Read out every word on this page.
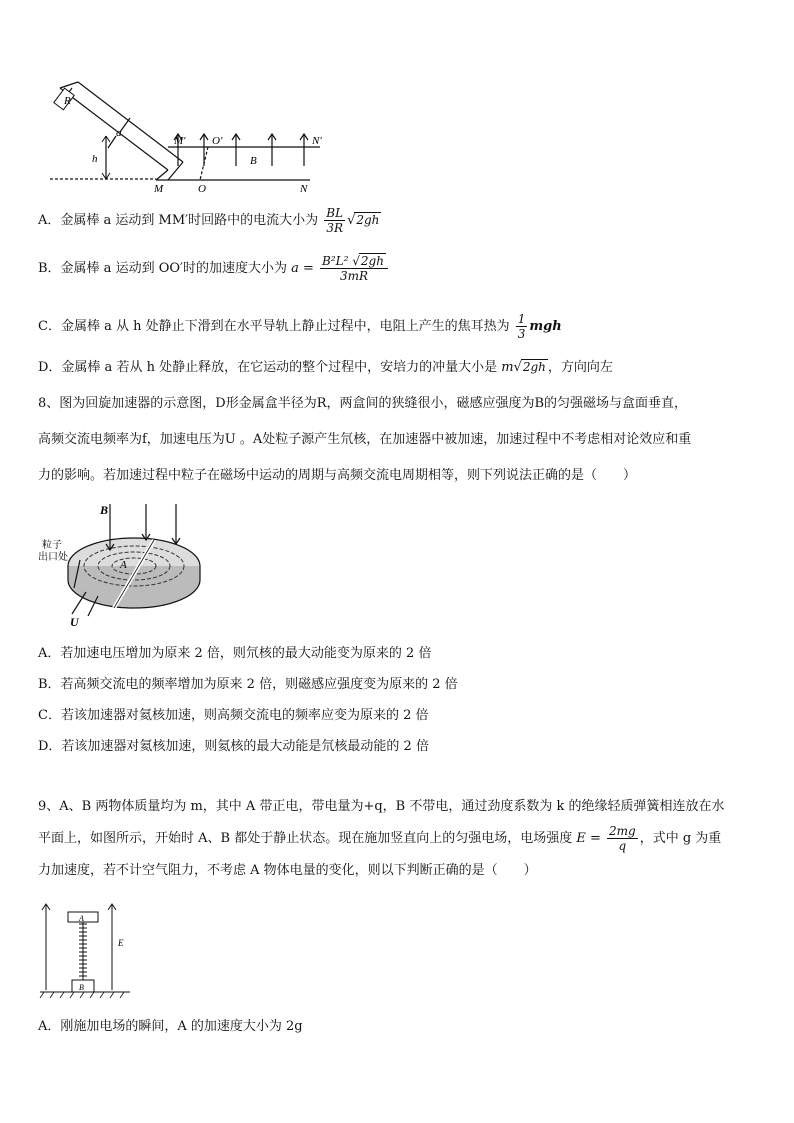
R
a
h
M' O'
B
N'
M	O	N
A．金属棒 a 运动到 MM′时回路中的电流大小为 $\frac{BL}{3R} √2gh$
B．金属棒 a 运动到 OO′时的加速度大小为 $a = \frac{\text{B²L² √2gh}}{3mR}$
C．金属棒 a 从 h 处静止下滑到在水平导轨上静止过程中，电阻上产生的焦耳热为 $\frac{1}{3}$ mgh
D．金属棒 a 若从 h 处静止释放，在它运动的整个过程中，安培力的冲量大小是 m√2gh ，方向向左
8、图为回旋加速器的示意图，D形金属盒半径为R，两盒间的狭缝很小，磁感应强度为B的匀强磁场与盒面垂直，
高频交流电频率为f，加速电压为U 。A处粒子源产生氘核，在加速器中被加速，加速过程中不考虑相对论效应和重
力的影响。若加速过程中粒子在磁场中运动的周期与高频交流电周期相等，则下列说法正确的是（　　）
B
粒子
出口处
A
U
A．若加速电压增加为原来 2 倍，则氘核的最大动能变为原来的 2 倍
B．若高频交流电的频率增加为原来 2 倍，则磁感应强度变为原来的 2 倍
C．若该加速器对氦核加速，则高频交流电的频率应变为原来的 2 倍
D．若该加速器对氦核加速，则氦核的最大动能是氘核最动能的 2 倍
9、A、B 两物体质量均为 m，其中 A 带正电，带电量为+q，B 不带电，通过劲度系数为 k 的绝缘轻质弹簧相连放在水
平面上，如图所示，开始时 A、B 都处于静止状态。现在施加竖直向上的匀强电场，电场强度 $E = \frac{2mg}{q}$ ，式中 g 为重
力加速度，若不计空气阻力，不考虑 A 物体电量的变化，则以下判断正确的是（　　）
A
B
E
A．刚施加电场的瞬间，A 的加速度大小为 2g
